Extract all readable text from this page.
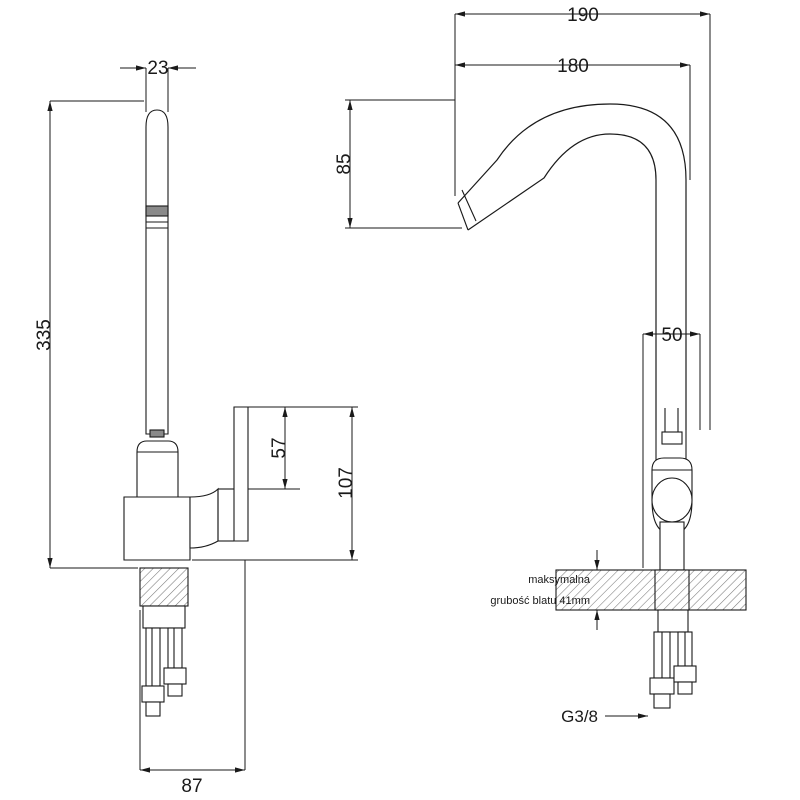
23
335
57
107
87
190
180
85
50
maksymalna
grubość blatu 41mm
G3/8
